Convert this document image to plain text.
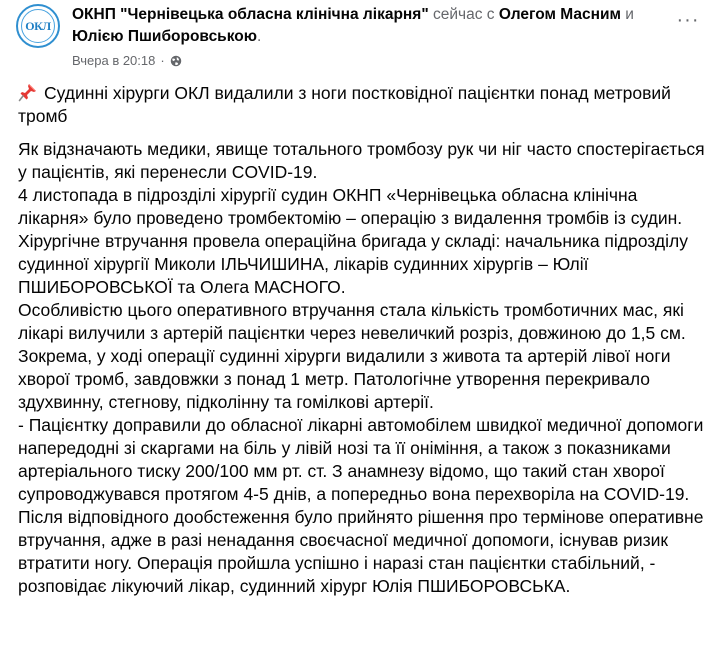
ОКЛ
ОКНП "Чернівецька обласна клінічна лікарня" сейчас с Олегом Масним и Юлією Пшиборовською.
Вчера в 20:18 ·
···
Судинні хірурги ОКЛ видалили з ноги постковідної пацієнтки понад метровий тромб
Як відзначають медики, явище тотального тромбозу рук чи ніг часто спостерігається у пацієнтів, які перенесли COVID-19.
4 листопада в підрозділі хірургії судин ОКНП «Чернівецька обласна клінічна лікарня» було проведено тромбектомію – операцію з видалення тромбів із судин. Хірургічне втручання провела операційна бригада у складі: начальника підрозділу судинної хірургії Миколи ІЛЬЧИШИНА, лікарів судинних хірургів – Юлії ПШИБОРОВСЬКОЇ та Олега МАСНОГО.
Особливістю цього оперативного втручання стала кількість тромботичних мас, які лікарі вилучили з артерій пацієнтки через невеличкий розріз, довжиною до 1,5 см. Зокрема, у ході операції судинні хірурги видалили з живота та артерій лівої ноги хворої тромб, завдовжки з понад 1 метр. Патологічне утворення перекривало здухвинну, стегнову, підколінну та гомілкові артерії.
- Пацієнтку доправили до обласної лікарні автомобілем швидкої медичної допомоги напередодні зі скаргами на біль у лівій нозі та її оніміння, а також з показниками артеріального тиску 200/100 мм рт. ст. З анамнезу відомо, що такий стан хворої супроводжувався протягом 4-5 днів, а попередньо вона перехворіла на COVID-19. Після відповідного дообстеження було прийнято рішення про термінове оперативне втручання, адже в разі ненадання своєчасної медичної допомоги, існував ризик втратити ногу. Операція пройшла успішно і наразі стан пацієнтки стабільний, - розповідає лікуючий лікар, судинний хірург Юлія ПШИБОРОВСЬКА.
